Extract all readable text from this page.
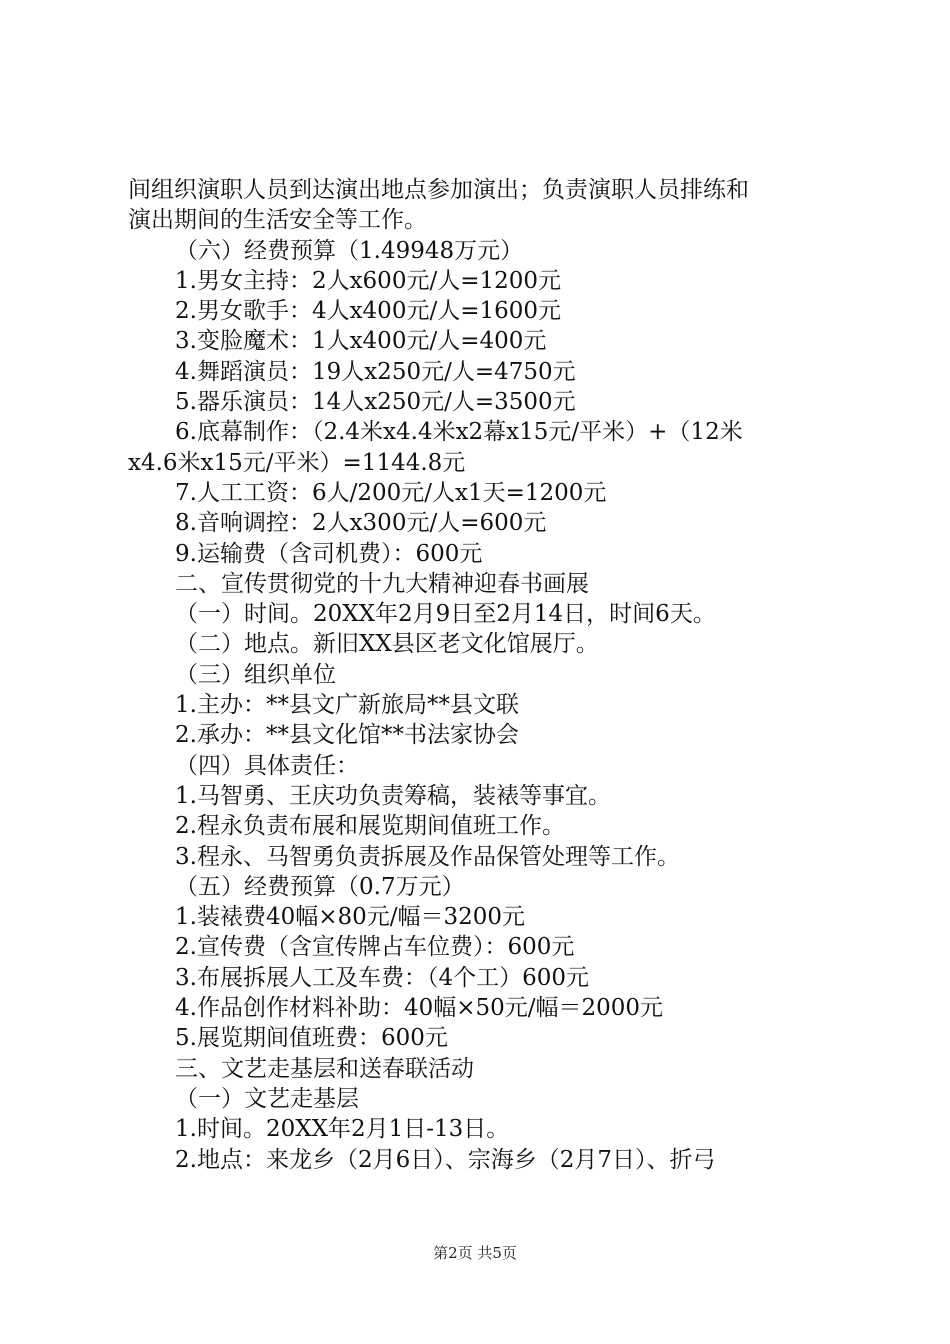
间组织演职人员到达演出地点参加演出；负责演职人员排练和
演出期间的生活安全等工作。
（六）经费预算（1.49948万元）
1.男女主持：2人x600元/人=1200元
2.男女歌手：4人x400元/人=1600元
3.变脸魔术：1人x400元/人=400元
4.舞蹈演员：19人x250元/人=4750元
5.器乐演员：14人x250元/人=3500元
6.底幕制作：（2.4米x4.4米x2幕x15元/平米）+（12米
x4.6米x15元/平米）=1144.8元
7.人工工资：6人/200元/人x1天=1200元
8.音响调控：2人x300元/人=600元
9.运输费（含司机费）：600元
二、宣传贯彻党的十九大精神迎春书画展
（一）时间。20XX年2月9日至2月14日，时间6天。
（二）地点。新旧XX县区老文化馆展厅。
（三）组织单位
1.主办：**县文广新旅局**县文联
2.承办：**县文化馆**书法家协会
（四）具体责任：
1.马智勇、王庆功负责筹稿，装裱等事宜。
2.程永负责布展和展览期间值班工作。
3.程永、马智勇负责拆展及作品保管处理等工作。
（五）经费预算（0.7万元）
1.装裱费40幅×80元/幅＝3200元
2.宣传费（含宣传牌占车位费）：600元
3.布展拆展人工及车费：（4个工）600元
4.作品创作材料补助：40幅×50元/幅＝2000元
5.展览期间值班费：600元
三、文艺走基层和送春联活动
（一）文艺走基层
1.时间。20XX年2月1日-13日。
2.地点：来龙乡（2月6日）、宗海乡（2月7日）、折弓
第2页 共5页
